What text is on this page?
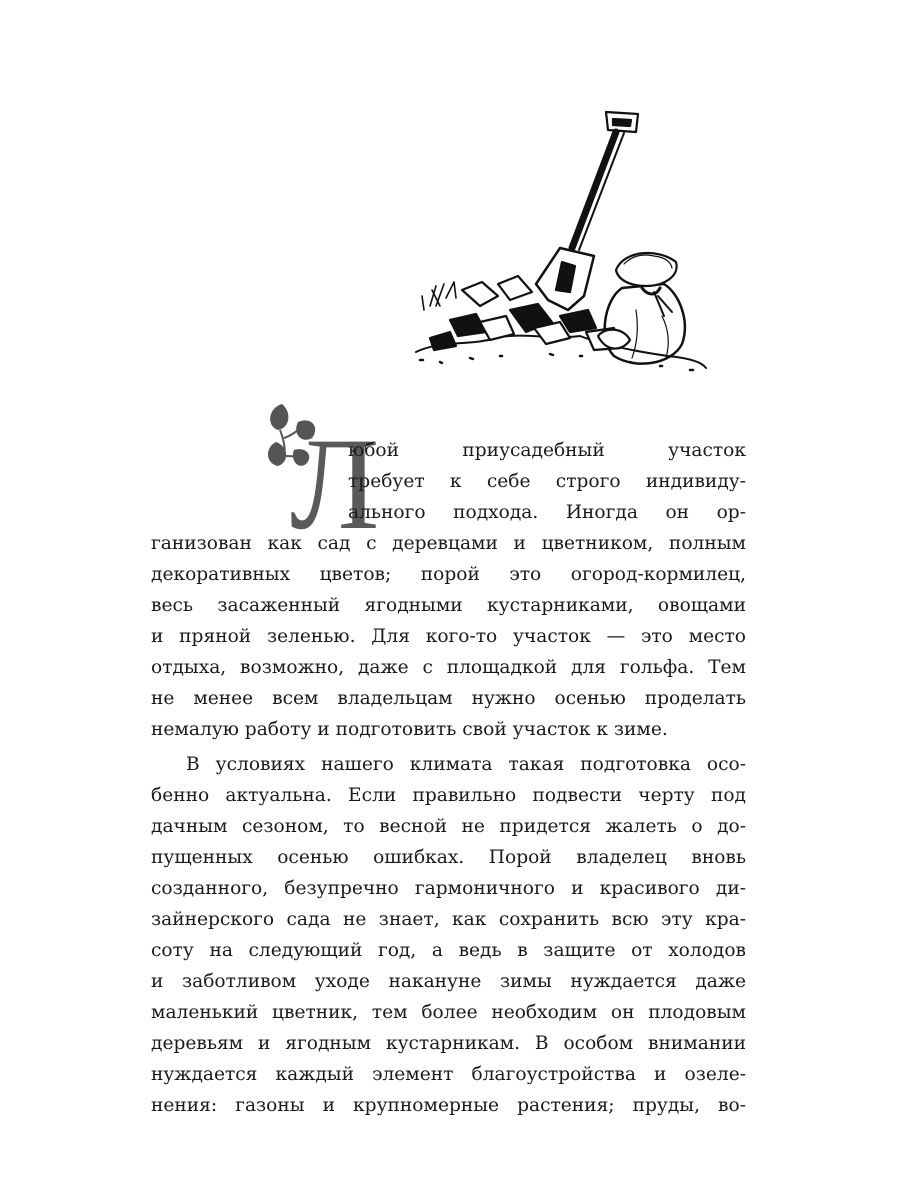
Л

юбой приусадебный участок

требует к себе строго индивиду-

ального подхода. Иногда он ор-

ганизован как сад с деревцами и цветником, полным

декоративных цветов; порой это огород-кормилец,

весь засаженный ягодными кустарниками, овощами

и пряной зеленью. Для кого-то участок — это место

отдыха, возможно, даже с площадкой для гольфа. Тем

не менее всем владельцам нужно осенью проделать

немалую работу и подготовить свой участок к зиме.

В условиях нашего климата такая подготовка осо-

бенно актуальна. Если правильно подвести черту под

дачным сезоном, то весной не придется жалеть о до-

пущенных осенью ошибках. Порой владелец вновь

созданного, безупречно гармоничного и красивого ди-

зайнерского сада не знает, как сохранить всю эту кра-

соту на следующий год, а ведь в защите от холодов

и заботливом уходе накануне зимы нуждается даже

маленький цветник, тем более необходим он плодовым

деревьям и ягодным кустарникам. В особом внимании

нуждается каждый элемент благоустройства и озеле-

нения: газоны и крупномерные растения; пруды, во-
